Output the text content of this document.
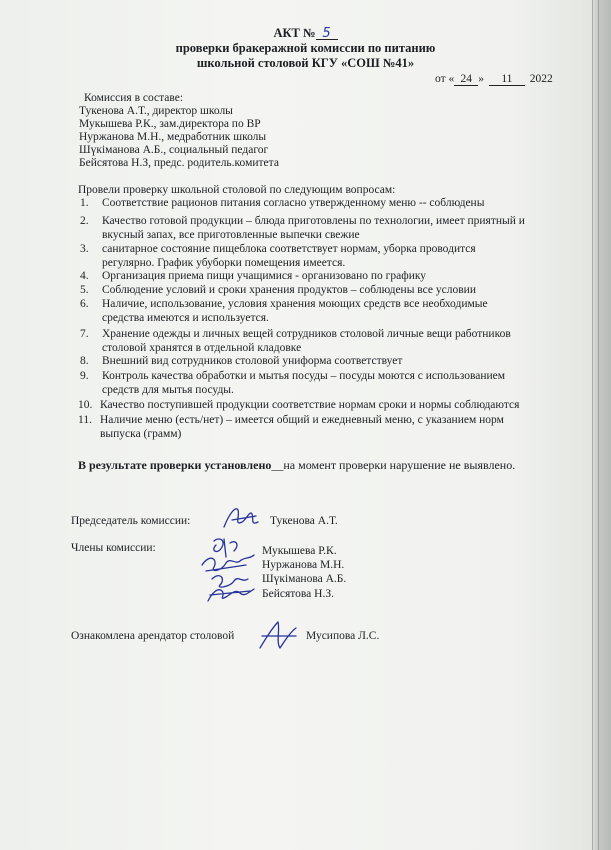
АКТ № 5
проверки бракеражной комиссии по питанию
школьной столовой КГУ «СОШ №41»
от « 24 » 11 2022
Комиссия в составе:
Тукенова А.Т., директор школы
Мукышева Р.К., зам.директора по ВР
Нуржанова М.Н., медработник школы
Шүкіманова А.Б., социальный педагог
Бейсятова Н.З, предс. родитель.комитета
Провели проверку школьной столовой по следующим вопросам:
1. Соответствие рационов питания согласно утвержденному меню -- соблюдены
2. Качество готовой продукции – блюда приготовлены по технологии, имеет приятный и
вкусный запах, все приготовленные выпечки свежие
3. санитарное состояние пищеблока соответствует нормам, уборка проводится
регулярно. График убуборки помещения имеется.
4. Организация приема пищи учащимися - организовано по графику
5. Соблюдение условий и сроки хранения продуктов – соблюдены все условии
6. Наличие, использование, условия хранения моющих средств все необходимые
средства имеются и используется.
7. Хранение одежды и личных вещей сотрудников столовой личные вещи работников
столовой хранятся в отдельной кладовке
8. Внешний вид сотрудников столовой униформа соответствует
9. Контроль качества обработки и мытья посуды – посуды моются с использованием
средств для мытья посуды.
10. Качество поступившей продукции соответствие нормам сроки и нормы соблюдаются
11. Наличие меню (есть/нет) – имеется общий и ежедневный меню, с указанием норм
выпуска (грамм)
В результате проверки установлено__на момент проверки нарушение не выявлено.
Председатель комиссии:	Тукенова А.Т.
Члены комиссии:	Мукышева Р.К.
Нуржанова М.Н.
Шүкіманова А.Б.
Бейсятова Н.З.
Ознакомлена арендатор столовой	Мусипова Л.С.
